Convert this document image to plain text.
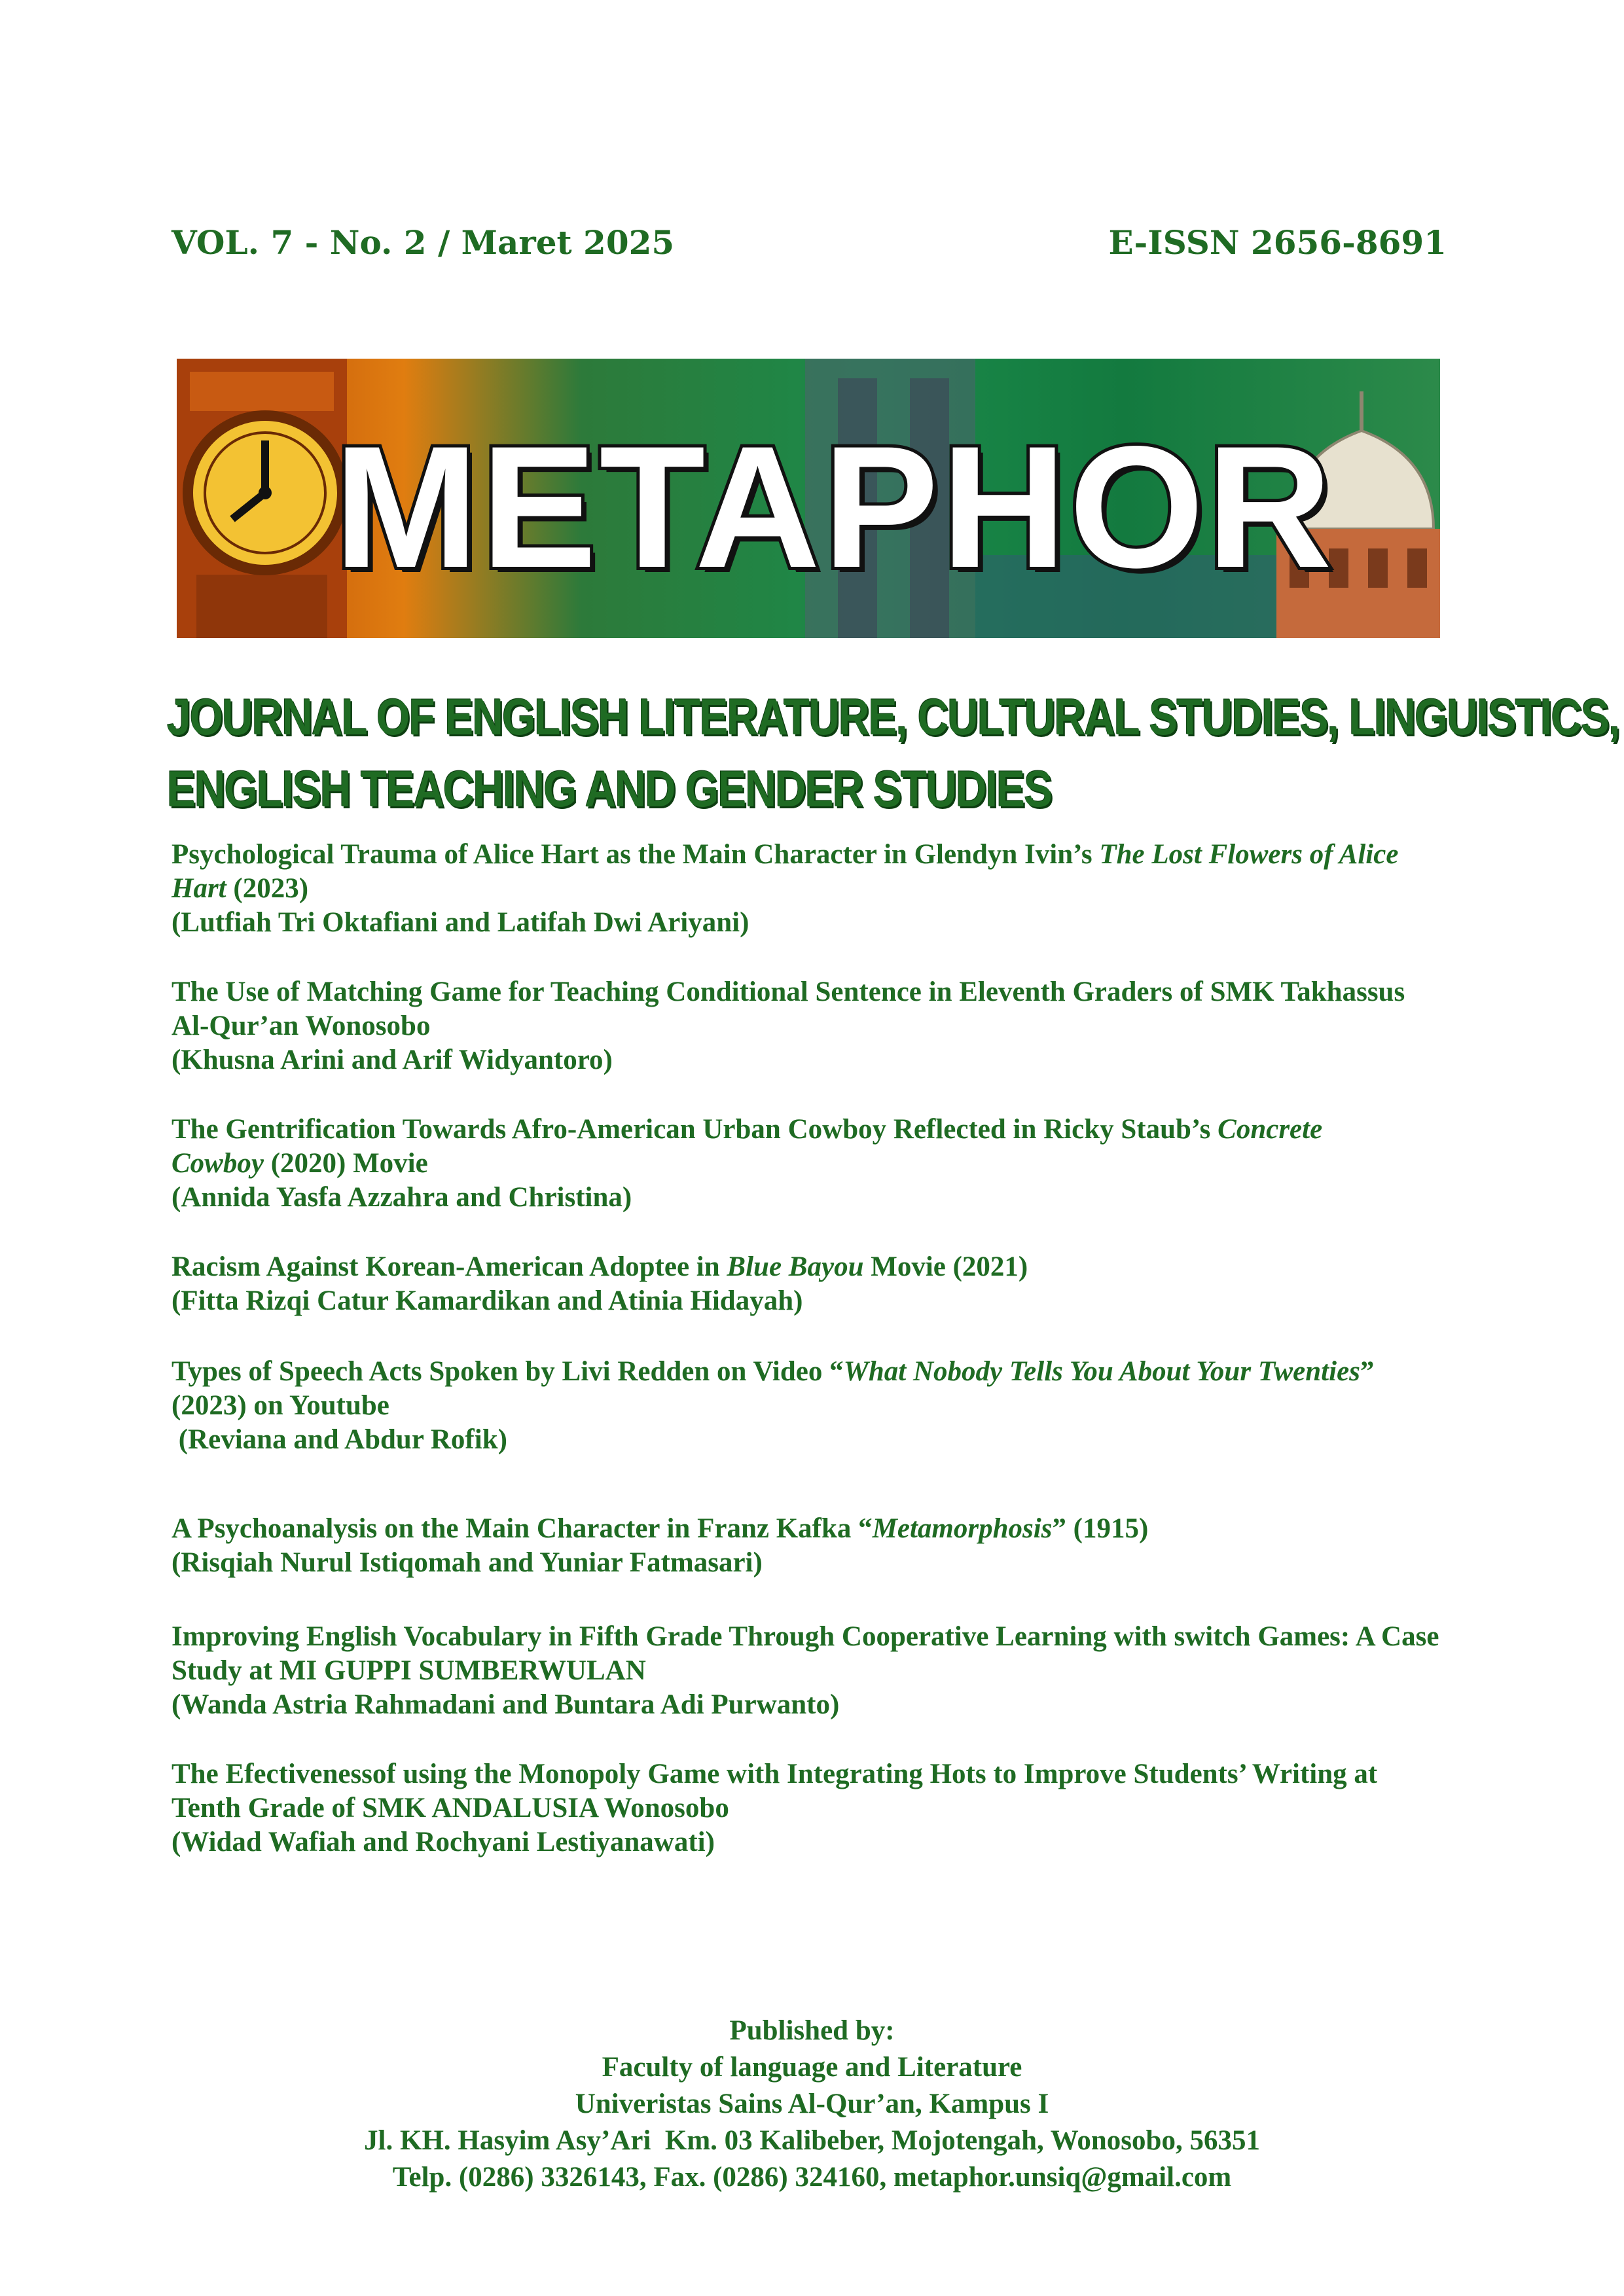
VOL. 7 - No. 2 / Maret 2025	E-ISSN 2656-8691
METAPHOR
JOURNAL OF ENGLISH LITERATURE, CULTURAL STUDIES, LINGUISTICS,
ENGLISH TEACHING AND GENDER STUDIES
Psychological Trauma of Alice Hart as the Main Character in Glendyn Ivin’s The Lost Flowers of Alice
Hart (2023)
(Lutfiah Tri Oktafiani and Latifah Dwi Ariyani)
The Use of Matching Game for Teaching Conditional Sentence in Eleventh Graders of SMK Takhassus
Al-Qur’an Wonosobo
(Khusna Arini and Arif Widyantoro)
The Gentrification Towards Afro-American Urban Cowboy Reflected in Ricky Staub’s Concrete
Cowboy (2020) Movie
(Annida Yasfa Azzahra and Christina)
Racism Against Korean-American Adoptee in Blue Bayou Movie (2021)
(Fitta Rizqi Catur Kamardikan and Atinia Hidayah)
Types of Speech Acts Spoken by Livi Redden on Video “What Nobody Tells You About Your Twenties”
(2023) on Youtube
(Reviana and Abdur Rofik)
A Psychoanalysis on the Main Character in Franz Kafka “Metamorphosis” (1915)
(Risqiah Nurul Istiqomah and Yuniar Fatmasari)
Improving English Vocabulary in Fifth Grade Through Cooperative Learning with switch Games: A Case
Study at MI GUPPI SUMBERWULAN
(Wanda Astria Rahmadani and Buntara Adi Purwanto)
The Efectivenessof using the Monopoly Game with Integrating Hots to Improve Students’ Writing at
Tenth Grade of SMK ANDALUSIA Wonosobo
(Widad Wafiah and Rochyani Lestiyanawati)
Published by:
Faculty of language and Literature
Univeristas Sains Al-Qur’an, Kampus I
Jl. KH. Hasyim Asy’Ari  Km. 03 Kalibeber, Mojotengah, Wonosobo, 56351
Telp. (0286) 3326143, Fax. (0286) 324160, metaphor.unsiq@gmail.com
